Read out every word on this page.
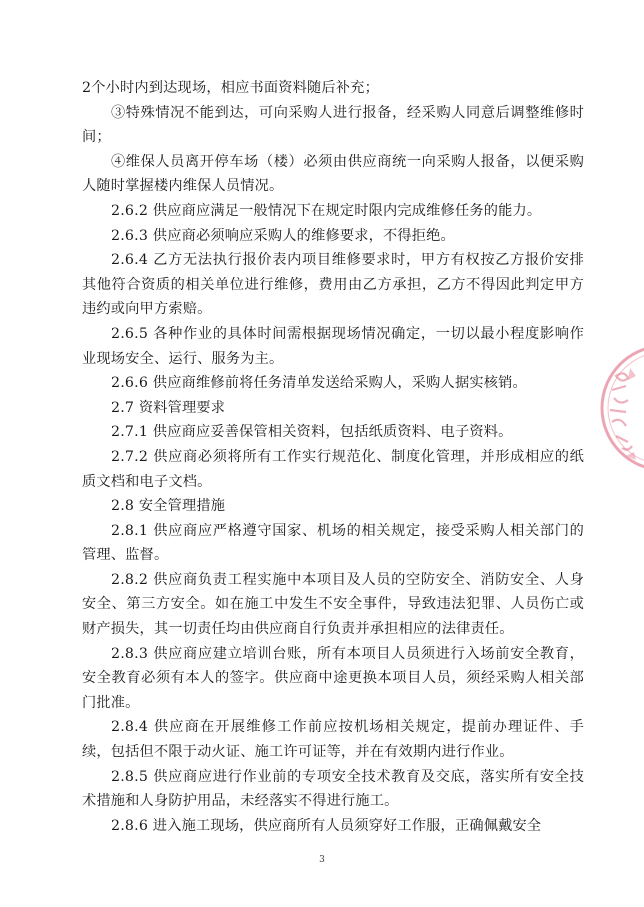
2个小时内到达现场，相应书面资料随后补充；

③特殊情况不能到达，可向采购人进行报备，经采购人同意后调整维修时间；

④维保人员离开停车场（楼）必须由供应商统一向采购人报备，以便采购人随时掌握楼内维保人员情况。

2.6.2 供应商应满足一般情况下在规定时限内完成维修任务的能力。

2.6.3 供应商必须响应采购人的维修要求，不得拒绝。

2.6.4 乙方无法执行报价表内项目维修要求时，甲方有权按乙方报价安排其他符合资质的相关单位进行维修，费用由乙方承担，乙方不得因此判定甲方违约或向甲方索赔。

2.6.5 各种作业的具体时间需根据现场情况确定，一切以最小程度影响作业现场安全、运行、服务为主。

2.6.6 供应商维修前将任务清单发送给采购人，采购人据实核销。

2.7 资料管理要求

2.7.1 供应商应妥善保管相关资料，包括纸质资料、电子资料。

2.7.2 供应商必须将所有工作实行规范化、制度化管理，并形成相应的纸质文档和电子文档。

2.8 安全管理措施

2.8.1 供应商应严格遵守国家、机场的相关规定，接受采购人相关部门的管理、监督。

2.8.2 供应商负责工程实施中本项目及人员的空防安全、消防安全、人身安全、第三方安全。如在施工中发生不安全事件，导致违法犯罪、人员伤亡或财产损失，其一切责任均由供应商自行负责并承担相应的法律责任。

2.8.3 供应商应建立培训台账，所有本项目人员须进行入场前安全教育，安全教育必须有本人的签字。供应商中途更换本项目人员，须经采购人相关部门批准。

2.8.4 供应商在开展维修工作前应按机场相关规定，提前办理证件、手续，包括但不限于动火证、施工许可证等，并在有效期内进行作业。

2.8.5 供应商应进行作业前的专项安全技术教育及交底，落实所有安全技术措施和人身防护用品，未经落实不得进行施工。

2.8.6 进入施工现场，供应商所有人员须穿好工作服，正确佩戴安全

3
